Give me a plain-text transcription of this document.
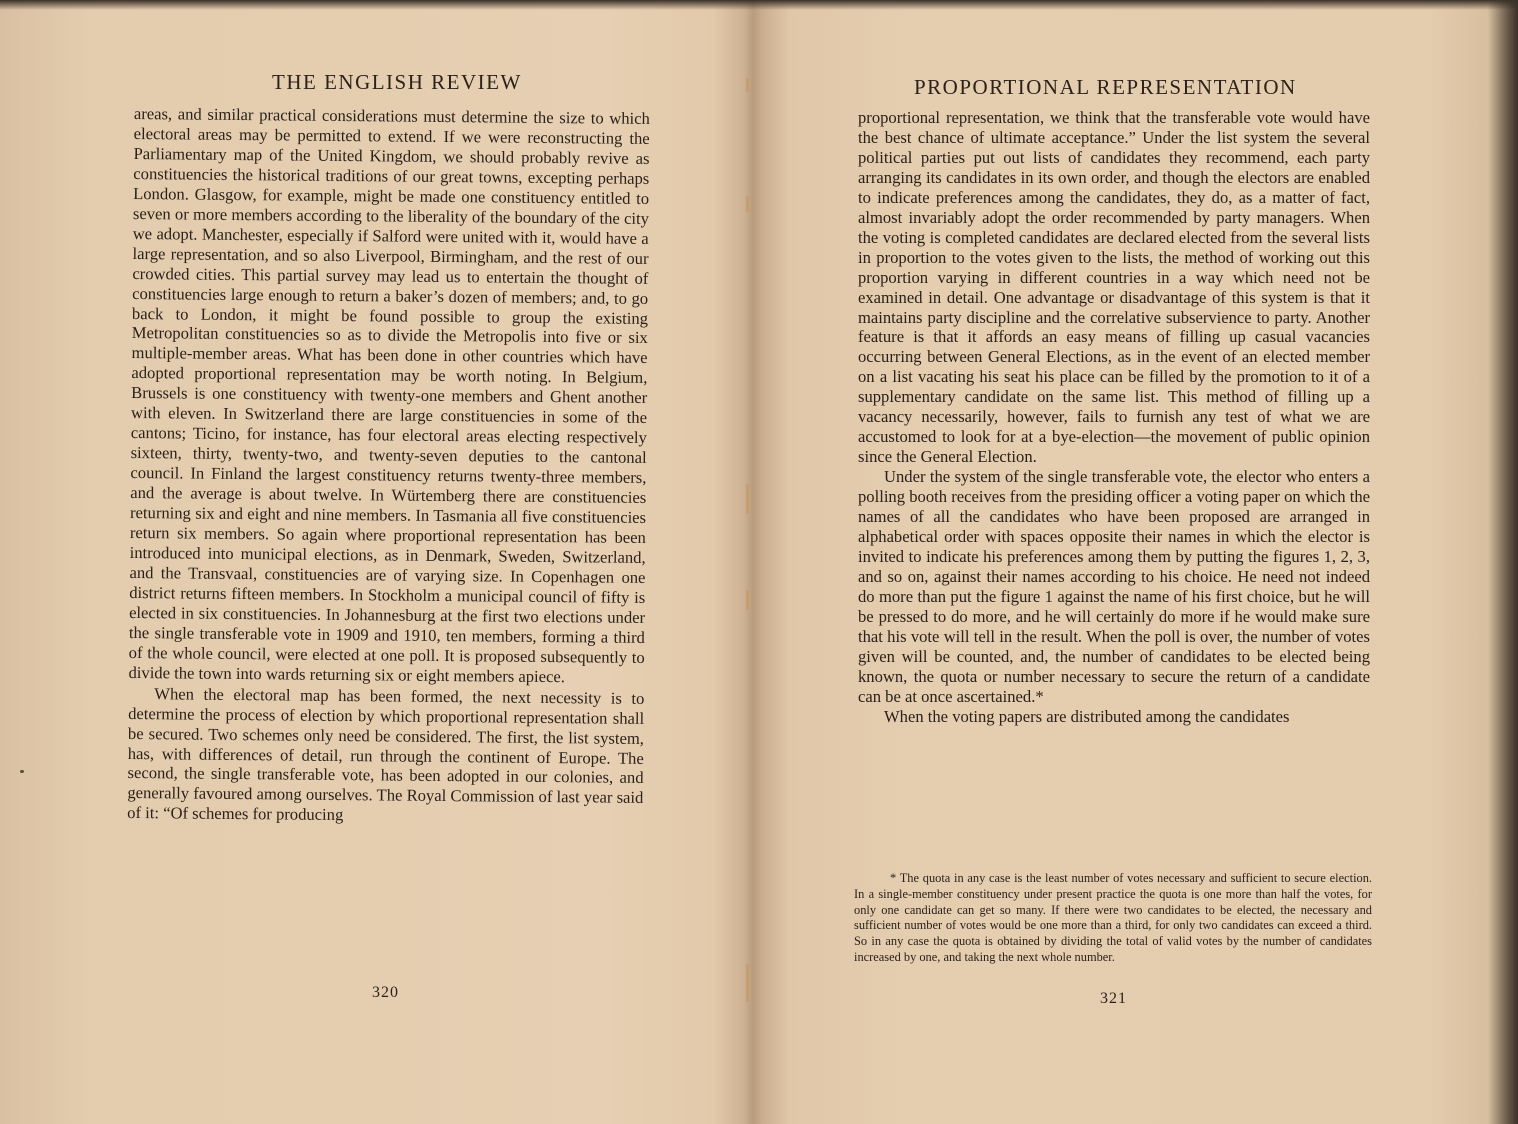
THE ENGLISH REVIEW

areas, and similar practical considerations must determine the size to which electoral areas may be permitted to extend. If we were reconstructing the Parliamentary map of the United Kingdom, we should probably revive as constituencies the historical traditions of our great towns, excepting perhaps London. Glasgow, for example, might be made one constituency entitled to seven or more members according to the liberality of the boundary of the city we adopt. Manchester, especially if Salford were united with it, would have a large representation, and so also Liverpool, Birmingham, and the rest of our crowded cities. This partial survey may lead us to entertain the thought of constituencies large enough to return a baker’s dozen of members; and, to go back to London, it might be found possible to group the existing Metropolitan constituencies so as to divide the Metropolis into five or six multiple-member areas. What has been done in other countries which have adopted proportional representation may be worth noting. In Belgium, Brussels is one constituency with twenty-one members and Ghent another with eleven. In Switzerland there are large constituencies in some of the cantons; Ticino, for instance, has four electoral areas electing respectively sixteen, thirty, twenty-two, and twenty-seven deputies to the cantonal council. In Finland the largest constituency returns twenty-three members, and the average is about twelve. In Würtemberg there are constituencies returning six and eight and nine members. In Tasmania all five constituencies return six members. So again where proportional representation has been introduced into municipal elections, as in Denmark, Sweden, Switzerland, and the Transvaal, constituencies are of varying size. In Copenhagen one district returns fifteen members. In Stockholm a municipal council of fifty is elected in six constituencies. In Johannesburg at the first two elections under the single transferable vote in 1909 and 1910, ten members, forming a third of the whole council, were elected at one poll. It is proposed subsequently to divide the town into wards returning six or eight members apiece.

When the electoral map has been formed, the next necessity is to determine the process of election by which proportional representation shall be secured. Two schemes only need be considered. The first, the list system, has, with differences of detail, run through the continent of Europe. The second, the single transferable vote, has been adopted in our colonies, and generally favoured among ourselves. The Royal Commission of last year said of it: “Of schemes for producing

320
PROPORTIONAL REPRESENTATION

proportional representation, we think that the transferable vote would have the best chance of ultimate acceptance.” Under the list system the several political parties put out lists of candidates they recommend, each party arranging its candidates in its own order, and though the electors are enabled to indicate preferences among the candidates, they do, as a matter of fact, almost invariably adopt the order recommended by party managers. When the voting is completed candidates are declared elected from the several lists in proportion to the votes given to the lists, the method of working out this proportion varying in different countries in a way which need not be examined in detail. One advantage or disadvantage of this system is that it maintains party discipline and the correlative subservience to party. Another feature is that it affords an easy means of filling up casual vacancies occurring between General Elections, as in the event of an elected member on a list vacating his seat his place can be filled by the promotion to it of a supplementary candidate on the same list. This method of filling up a vacancy necessarily, however, fails to furnish any test of what we are accustomed to look for at a bye-election—the movement of public opinion since the General Election.

Under the system of the single transferable vote, the elector who enters a polling booth receives from the presiding officer a voting paper on which the names of all the candidates who have been proposed are arranged in alphabetical order with spaces opposite their names in which the elector is invited to indicate his preferences among them by putting the figures 1, 2, 3, and so on, against their names according to his choice. He need not indeed do more than put the figure 1 against the name of his first choice, but he will be pressed to do more, and he will certainly do more if he would make sure that his vote will tell in the result. When the poll is over, the number of votes given will be counted, and, the number of candidates to be elected being known, the quota or number necessary to secure the return of a candidate can be at once ascertained.*

When the voting papers are distributed among the candidates

* The quota in any case is the least number of votes necessary and sufficient to secure election. In a single-member constituency under present practice the quota is one more than half the votes, for only one candidate can get so many. If there were two candidates to be elected, the necessary and sufficient number of votes would be one more than a third, for only two candidates can exceed a third. So in any case the quota is obtained by dividing the total of valid votes by the number of candidates increased by one, and taking the next whole number.
321
